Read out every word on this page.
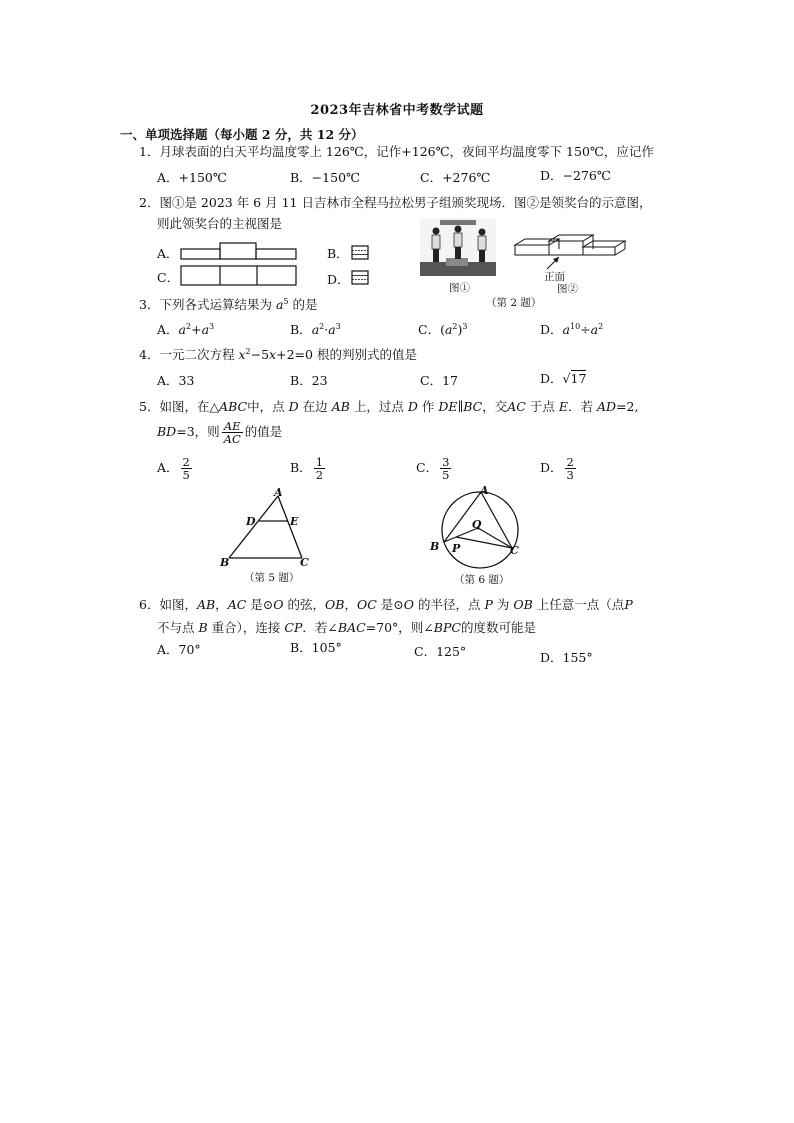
2023年吉林省中考数学试题
一、单项选择题（每小题 2 分，共 12 分）
1．月球表面的白天平均温度零上 126℃，记作+126℃，夜间平均温度零下 150℃，应记作
A．+150℃	B．−150℃	C．+276℃	D．−276℃
2．图①是 2023 年 6 月 11 日吉林市全程马拉松男子组颁奖现场．图②是领奖台的示意图，
则此领奖台的主视图是
A．	B．
C．	D．
图①
正面
图②
（第 2 题）
3．下列各式运算结果为 $a^5$ 的是
A．$a^2+a^3$	B．$a^2\cdot a^3$	C．$(a^2)^3$	D．$a^{10}\div a^2$
4．一元二次方程 $x^2-5x+2=0$ 根的判别式的值是
A．33	B．23	C．17	D．√17
5．如图，在△ABC中，点 D 在边 AB 上，过点 D 作 DE∥BC，交AC 于点 E．若 AD=2,
BD=3，则 $\frac{AE}{AC}$ 的值是
A． $\frac{2}{5}$	B． $\frac{1}{2}$	C． $\frac{3}{5}$	D． $\frac{2}{3}$
A
D	E
B	C
（第 5 题）
A
O
B P	C
（第 6 题）
6．如图，AB，AC 是⊙O 的弦，OB，OC 是⊙O 的半径，点 P 为 OB 上任意一点（点P
不与点 B 重合），连接 CP．若∠BAC=70°，则∠BPC的度数可能是
A．70°	B．105°	C．125°	D．155°
